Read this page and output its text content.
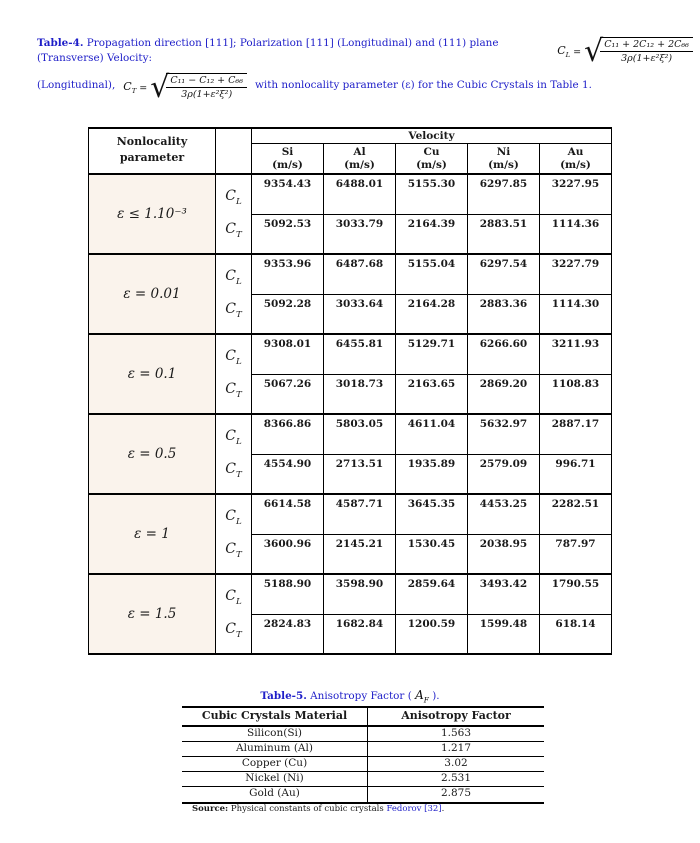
Table-4. Propagation direction [111]; Polarization [111] (Longitudinal) and (111) plane (Transverse) Velocity:
$C_L$ = √
$\frac{\text{C₁₁ + 2C₁₂ + 2C₆₆}}{\text{3ρ(1+ε²ξ²)}}$
(Longitudinal), $C_T$ = √
$\frac{\text{C₁₁ − C₁₂ + C₆₆}}{\text{3ρ(1+ε²ξ²)}}$ with nonlocality parameter (ε) for the Cubic Crystals in Table 1.
Nonlocality
parameter
Velocity
Si
(m/s)
Al
(m/s)
Cu
(m/s)
Ni
(m/s)
Au
(m/s)
ε ≤ 1.10⁻³
$C_L$
$C_T$
9354.43	6488.01	5155.30	6297.85	3227.95
5092.53	3033.79	2164.39	2883.51	1114.36
ε = 0.01
$C_L$
$C_T$
9353.96	6487.68	5155.04	6297.54	3227.79
5092.28	3033.64	2164.28	2883.36	1114.30
ε = 0.1
$C_L$
$C_T$
9308.01	6455.81	5129.71	6266.60	3211.93
5067.26	3018.73	2163.65	2869.20	1108.83
ε = 0.5
$C_L$
$C_T$
8366.86	5803.05	4611.04	5632.97	2887.17
4554.90	2713.51	1935.89	2579.09	996.71
ε = 1
$C_L$
$C_T$
6614.58	4587.71	3645.35	4453.25	2282.51
3600.96	2145.21	1530.45	2038.95	787.97
ε = 1.5
$C_L$
$C_T$
5188.90	3598.90	2859.64	3493.42	1790.55
2824.83	1682.84	1200.59	1599.48	618.14
Table-5. Anisotropy Factor ( $A_F$ ).
Cubic Crystals Material	Anisotropy Factor
Silicon(Si)	1.563
Aluminum (Al)	1.217
Copper (Cu)	3.02
Nickel (Ni)	2.531
Gold (Au)	2.875
Source: Physical constants of cubic crystals Fedorov [32].
